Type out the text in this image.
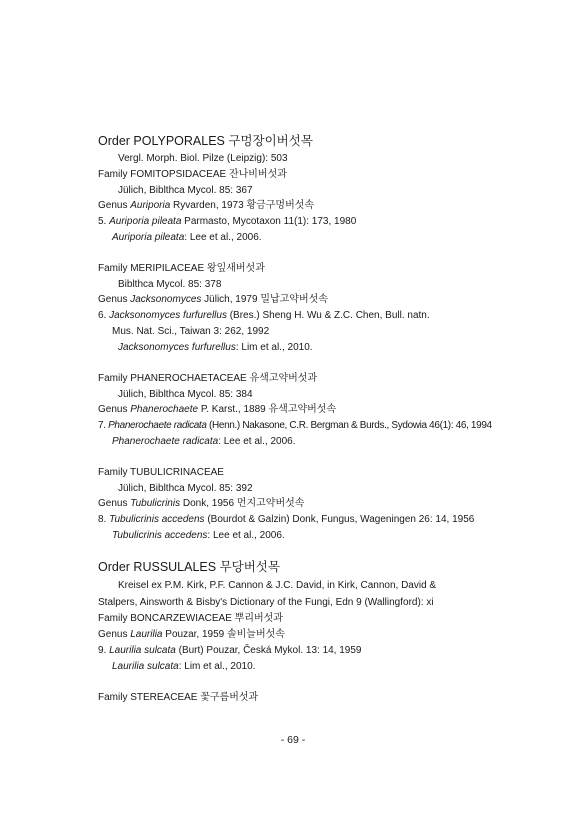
Order POLYPORALES 구멍장이버섯목
Vergl. Morph. Biol. Pilze (Leipzig): 503
Family FOMITOPSIDACEAE 잔나비버섯과
Jülich, Biblthca Mycol. 85: 367
Genus Auriporia Ryvarden, 1973 황금구멍버섯속
5. Auriporia pileata Parmasto, Mycotaxon 11(1): 173, 1980
Auriporia pileata: Lee et al., 2006.
Family MERIPILACEAE 왕잎새버섯과
Biblthca Mycol. 85: 378
Genus Jacksonomyces Jülich, 1979 밀납고약버섯속
6. Jacksonomyces furfurellus (Bres.) Sheng H. Wu & Z.C. Chen, Bull. natn.
Mus. Nat. Sci., Taiwan 3: 262, 1992
Jacksonomyces furfurellus: Lim et al., 2010.
Family PHANEROCHAETACEAE 유색고약버섯과
Jülich, Biblthca Mycol. 85: 384
Genus Phanerochaete P. Karst., 1889 유색고약버섯속
7. Phanerochaete radicata (Henn.) Nakasone, C.R. Bergman & Burds., Sydowia 46(1): 46, 1994
Phanerochaete radicata: Lee et al., 2006.
Family TUBULICRINACEAE
Jülich, Biblthca Mycol. 85: 392
Genus Tubulicrinis Donk, 1956 먼지고약버섯속
8. Tubulicrinis accedens (Bourdot & Galzin) Donk, Fungus, Wageningen 26: 14, 1956
Tubulicrinis accedens: Lee et al., 2006.
Order RUSSULALES 무당버섯목
Kreisel ex P.M. Kirk, P.F. Cannon & J.C. David, in Kirk, Cannon, David &
Stalpers, Ainsworth & Bisby's Dictionary of the Fungi, Edn 9 (Wallingford): xi
Family BONCARZEWIACEAE 뿌리버섯과
Genus Laurilia Pouzar, 1959 솔비늘버섯속
9. Laurilia sulcata (Burt) Pouzar, Česká Mykol. 13: 14, 1959
Laurilia sulcata: Lim et al., 2010.
Family STEREACEAE 꽃구름버섯과
- 69 -
